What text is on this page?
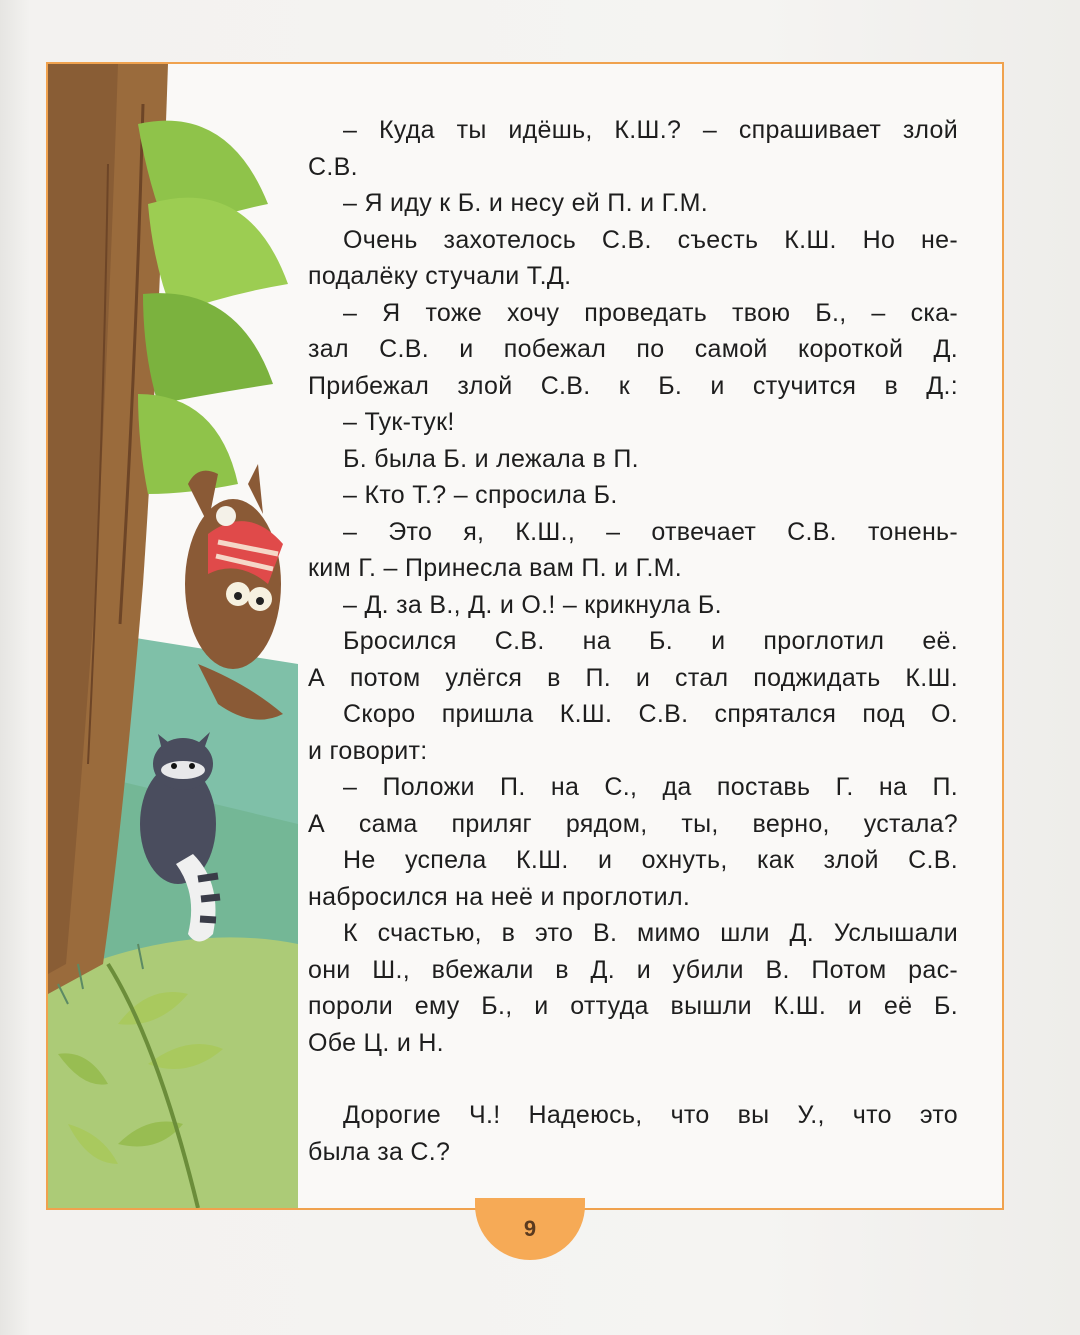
– Куда ты идёшь, К.Ш.? – спрашивает злой
С.В.
– Я иду к Б. и несу ей П. и Г.М.
Очень захотелось С.В. съесть К.Ш. Но не-
подалёку стучали Т.Д.
– Я тоже хочу проведать твою Б., – ска-
зал С.В. и побежал по самой короткой Д.
Прибежал злой С.В. к Б. и стучится в Д.:
– Тук-тук!
Б. была Б. и лежала в П.
– Кто Т.? – спросила Б.
– Это я, К.Ш., – отвечает С.В. тонень-
ким Г. – Принесла вам П. и Г.М.
– Д. за В., Д. и О.! – крикнула Б.
Бросился С.В. на Б. и проглотил её.
А потом улёгся в П. и стал поджидать К.Ш.
Скоро пришла К.Ш. С.В. спрятался под О.
и говорит:
– Положи П. на С., да поставь Г. на П.
А сама приляг рядом, ты, верно, устала?
Не успела К.Ш. и охнуть, как злой С.В.
набросился на неё и проглотил.
К счастью, в это В. мимо шли Д. Услышали
они Ш., вбежали в Д. и убили В. Потом рас-
пороли ему Б., и оттуда вышли К.Ш. и её Б.
Обе Ц. и Н.
Дорогие Ч.! Надеюсь, что вы У., что это
была за С.?
9
